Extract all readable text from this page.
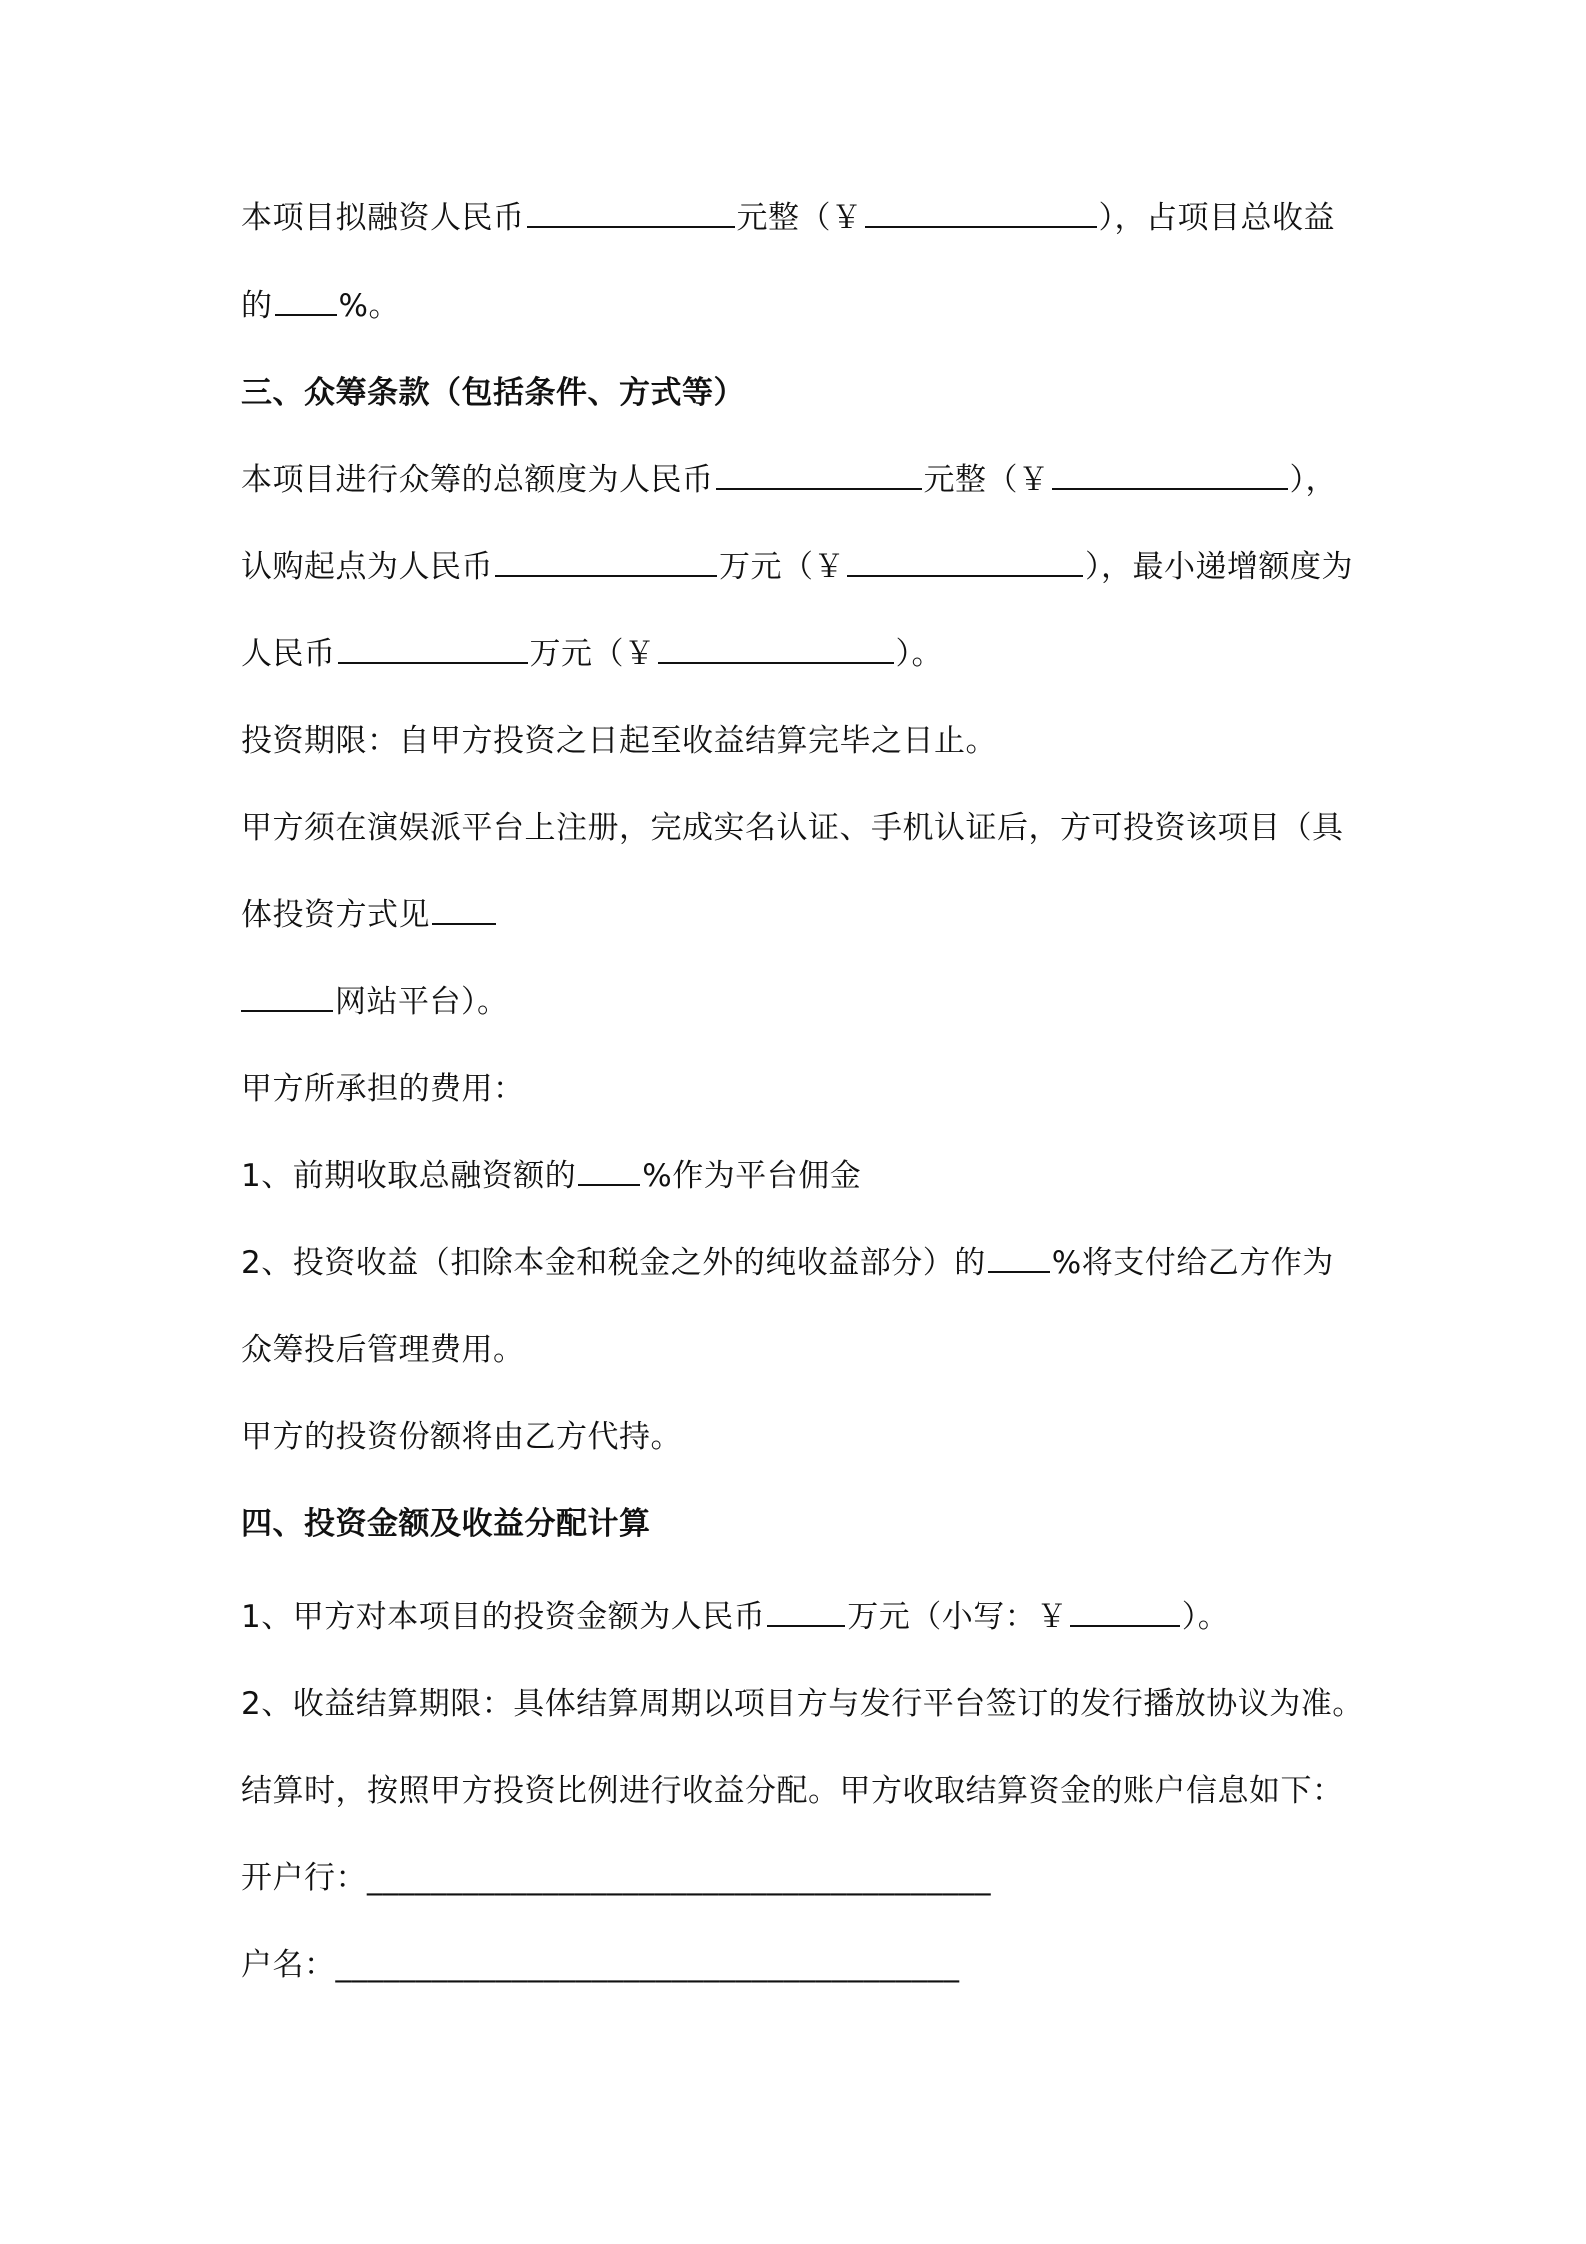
本项目拟融资人民币	元整（￥	），占项目总收益
的 %。
三、众筹条款（包括条件、方式等）
本项目进行众筹的总额度为人民币	元整（￥	），
认购起点为人民币	万元（￥	），最小递增额度为
人民币	万元（￥	）。
投资期限：自甲方投资之日起至收益结算完毕之日止。
甲方须在演娱派平台上注册，完成实名认证、手机认证后，方可投资该项目（具
体投资方式见
网站平台）。
甲方所承担的费用：
1、前期收取总融资额的 %作为平台佣金
2、投资收益（扣除本金和税金之外的纯收益部分）的 %将支付给乙方作为
众筹投后管理费用。
甲方的投资份额将由乙方代持。
四、投资金额及收益分配计算
1、甲方对本项目的投资金额为人民币	万元（小写：￥	）。
2、收益结算期限：具体结算周期以项目方与发行平台签订的发行播放协议为准。
结算时，按照甲方投资比例进行收益分配。甲方收取结算资金的账户信息如下：
开户行：_______________________________________
户名：_______________________________________
